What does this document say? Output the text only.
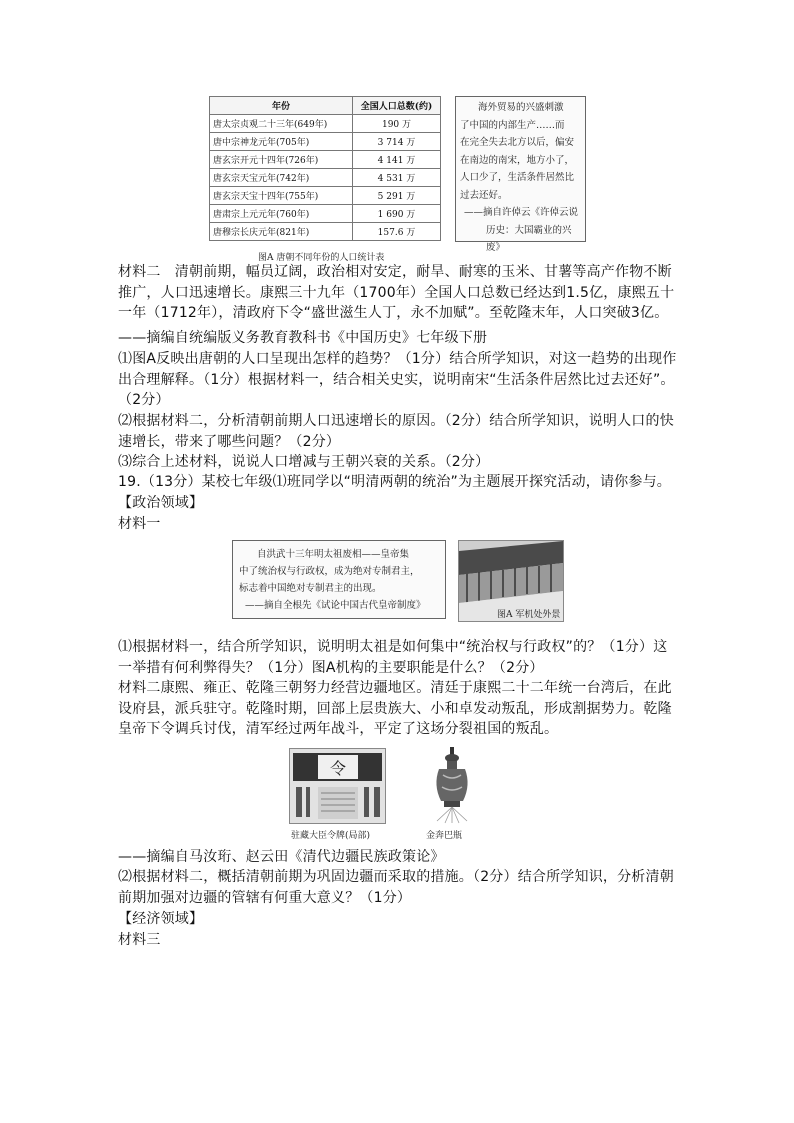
年份	全国人口总数(约)
唐太宗贞观二十三年(649年)	190 万
唐中宗神龙元年(705年)	3 714 万
唐玄宗开元十四年(726年)	4 141 万
唐玄宗天宝元年(742年)	4 531 万
唐玄宗天宝十四年(755年)	5 291 万
唐肃宗上元元年(760年)	1 690 万
唐穆宗长庆元年(821年)	157.6 万
图A 唐朝不同年份的人口统计表
海外贸易的兴盛刺激
了中国的内部生产……而
在完全失去北方以后，偏安
在南边的南宋，地方小了，
人口少了，生活条件居然比
过去还好。
——摘自许倬云《许倬云说
历史：大国霸业的兴废》
材料二　清朝前期，幅员辽阔，政治相对安定，耐旱、耐寒的玉米、甘薯等高产作物不断推广，人口迅速增长。康熙三十九年（1700年）全国人口总数已经达到1.5亿，康熙五十一年（1712年），清政府下令“盛世滋生人丁，永不加赋”。至乾隆末年，人口突破3亿。
——摘编自统编版义务教育教科书《中国历史》七年级下册
⑴图A反映出唐朝的人口呈现出怎样的趋势？（1分）结合所学知识，对这一趋势的出现作出合理解释。（1分）根据材料一，结合相关史实，说明南宋“生活条件居然比过去还好”。（2分）
⑵根据材料二，分析清朝前期人口迅速增长的原因。（2分）结合所学知识，说明人口的快速增长，带来了哪些问题？（2分）
⑶综合上述材料，说说人口增减与王朝兴衰的关系。（2分）
19.（13分）某校七年级⑴班同学以“明清两朝的统治”为主题展开探究活动，请你参与。
【政治领域】
材料一
自洪武十三年明太祖废相——皇帝集
中了统治权与行政权，成为绝对专制君主，
标志着中国绝对专制君主的出现。
——摘自全根先《试论中国古代皇帝制度》
图A 军机处外景
⑴根据材料一，结合所学知识，说明明太祖是如何集中“统治权与行政权”的？（1分）这一举措有何利弊得失？（1分）图A机构的主要职能是什么？（2分）
材料二康熙、雍正、乾隆三朝努力经营边疆地区。清廷于康熙二十二年统一台湾后，在此设府县，派兵驻守。乾隆时期，回部上层贵族大、小和卓发动叛乱，形成割据势力。乾隆皇帝下令调兵讨伐，清军经过两年战斗，平定了这场分裂祖国的叛乱。
令
驻藏大臣令牌(局部)	金奔巴瓶
——摘编自马汝珩、赵云田《清代边疆民族政策论》
⑵根据材料二，概括清朝前期为巩固边疆而采取的措施。（2分）结合所学知识，分析清朝前期加强对边疆的管辖有何重大意义？（1分）
【经济领域】
材料三
